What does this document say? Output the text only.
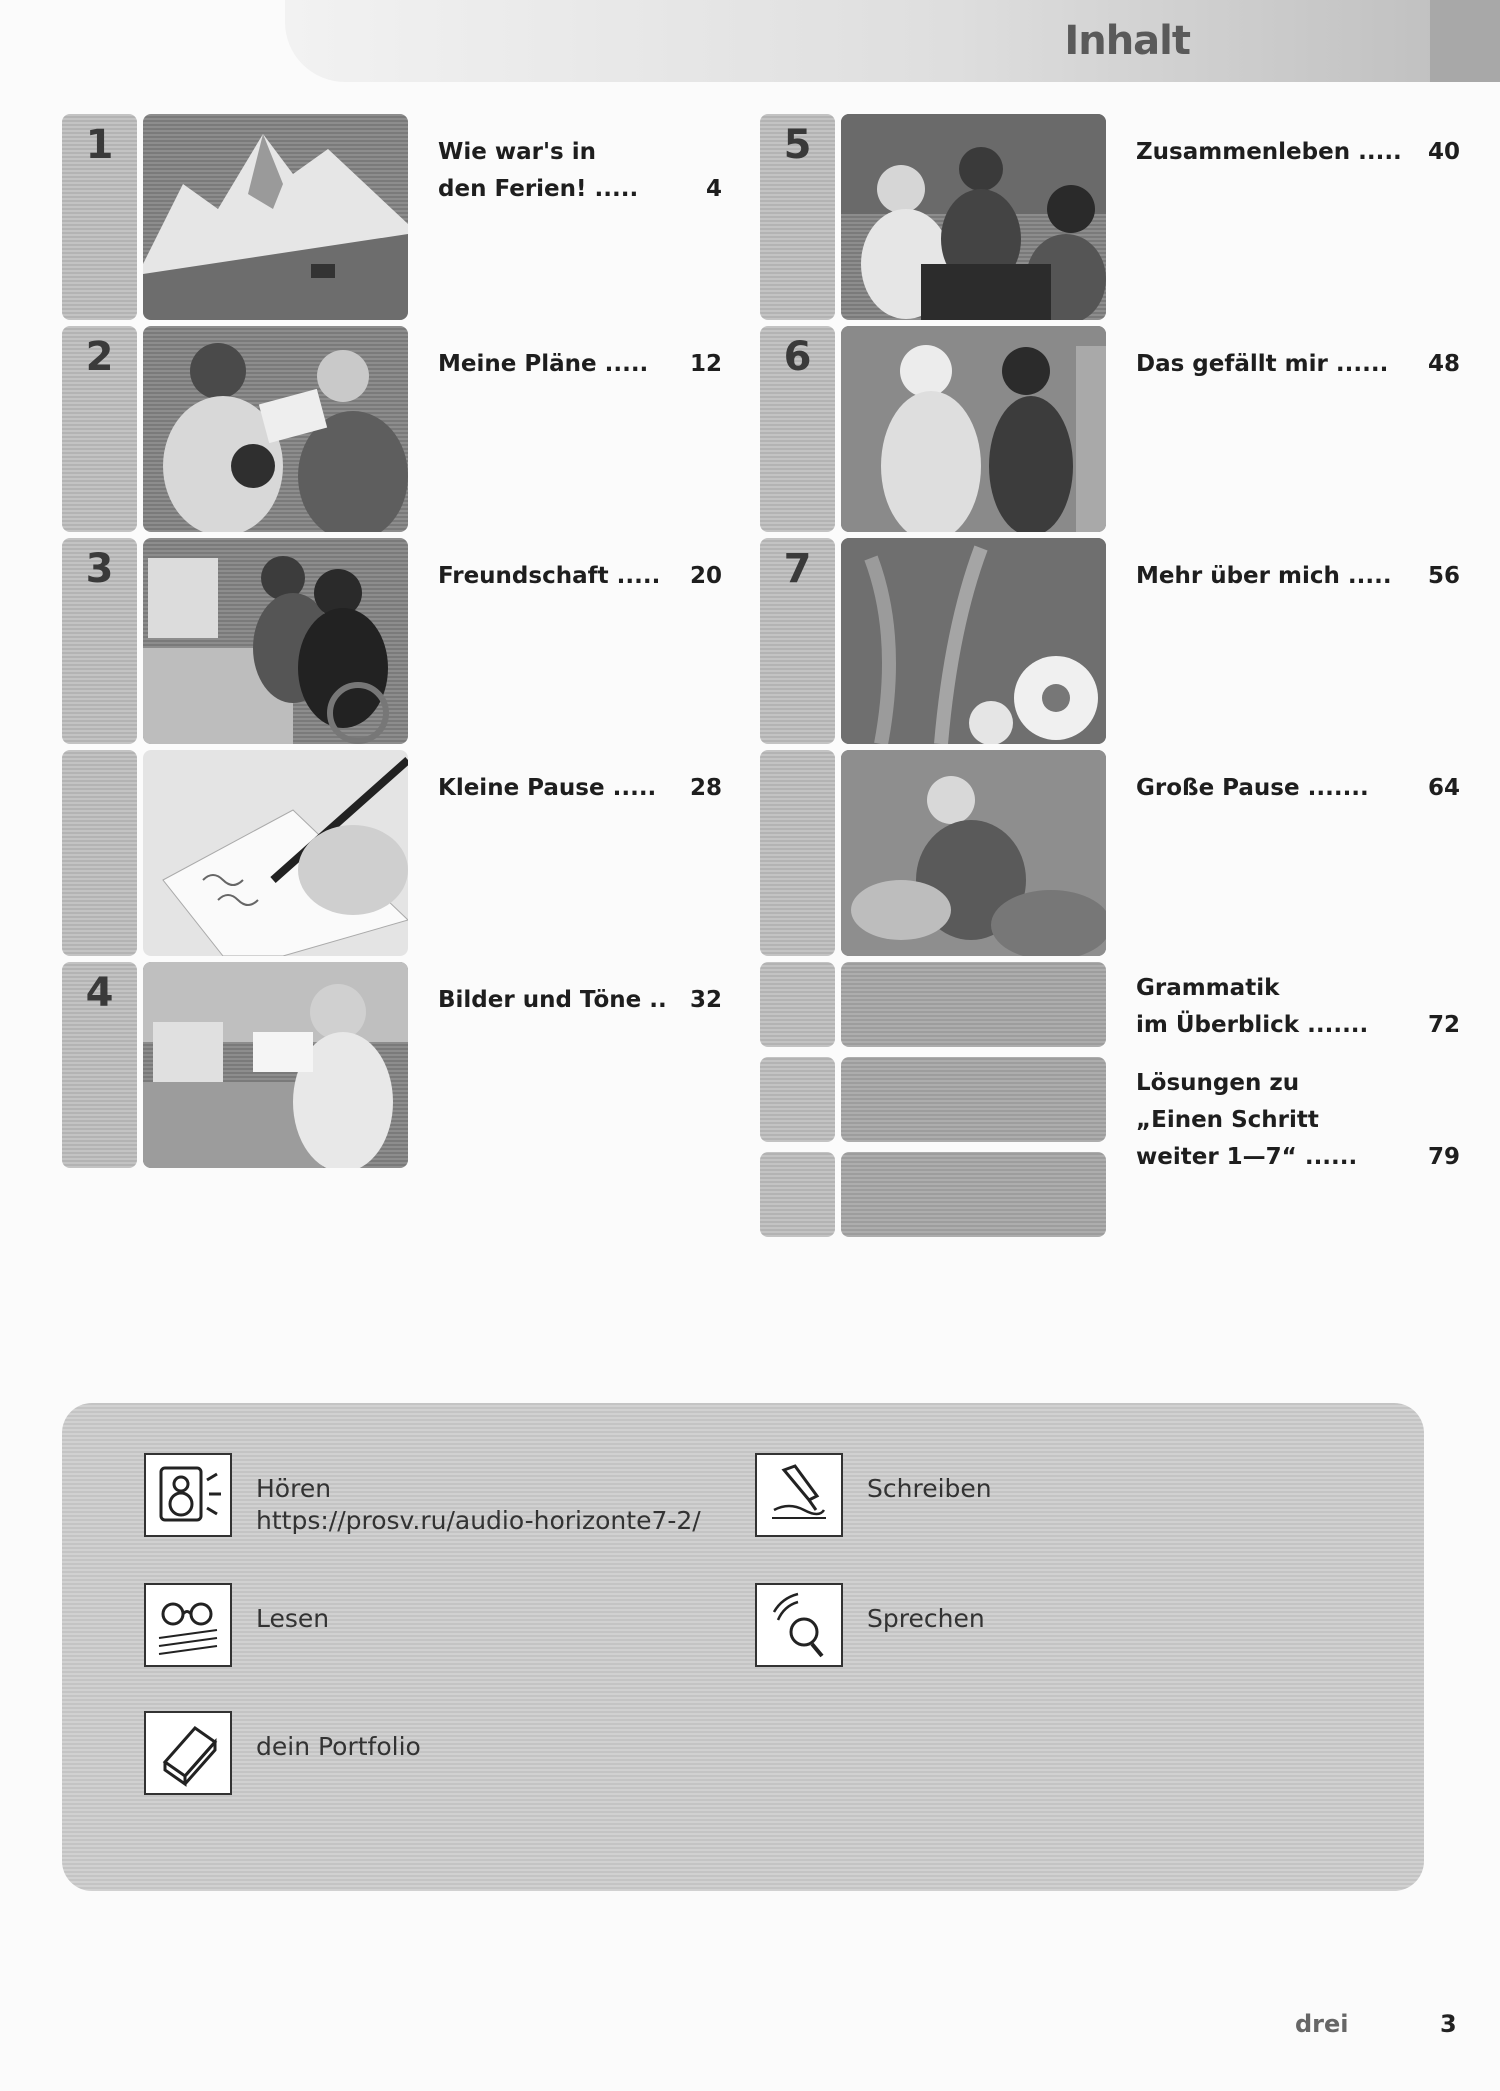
Inhalt
1	Wie war's in
den Ferien! .....	4
2	Meine Pläne ..... 12
3	Freundschaft ..... 20
Kleine Pause ..... 28
4	Bilder und Töne .. 32
5	Zusammenleben ..... 40
6	Das gefällt mir ...... 48
7	Mehr über mich ..... 56
Große Pause .......	64
Grammatik
im Überblick .......	72
Lösungen zu
„Einen Schritt
weiter 1—7“ ......	79
Hören
https://prosv.ru/audio-horizonte7-2/
Schreiben
Lesen	Sprechen
dein Portfolio
drei	3
